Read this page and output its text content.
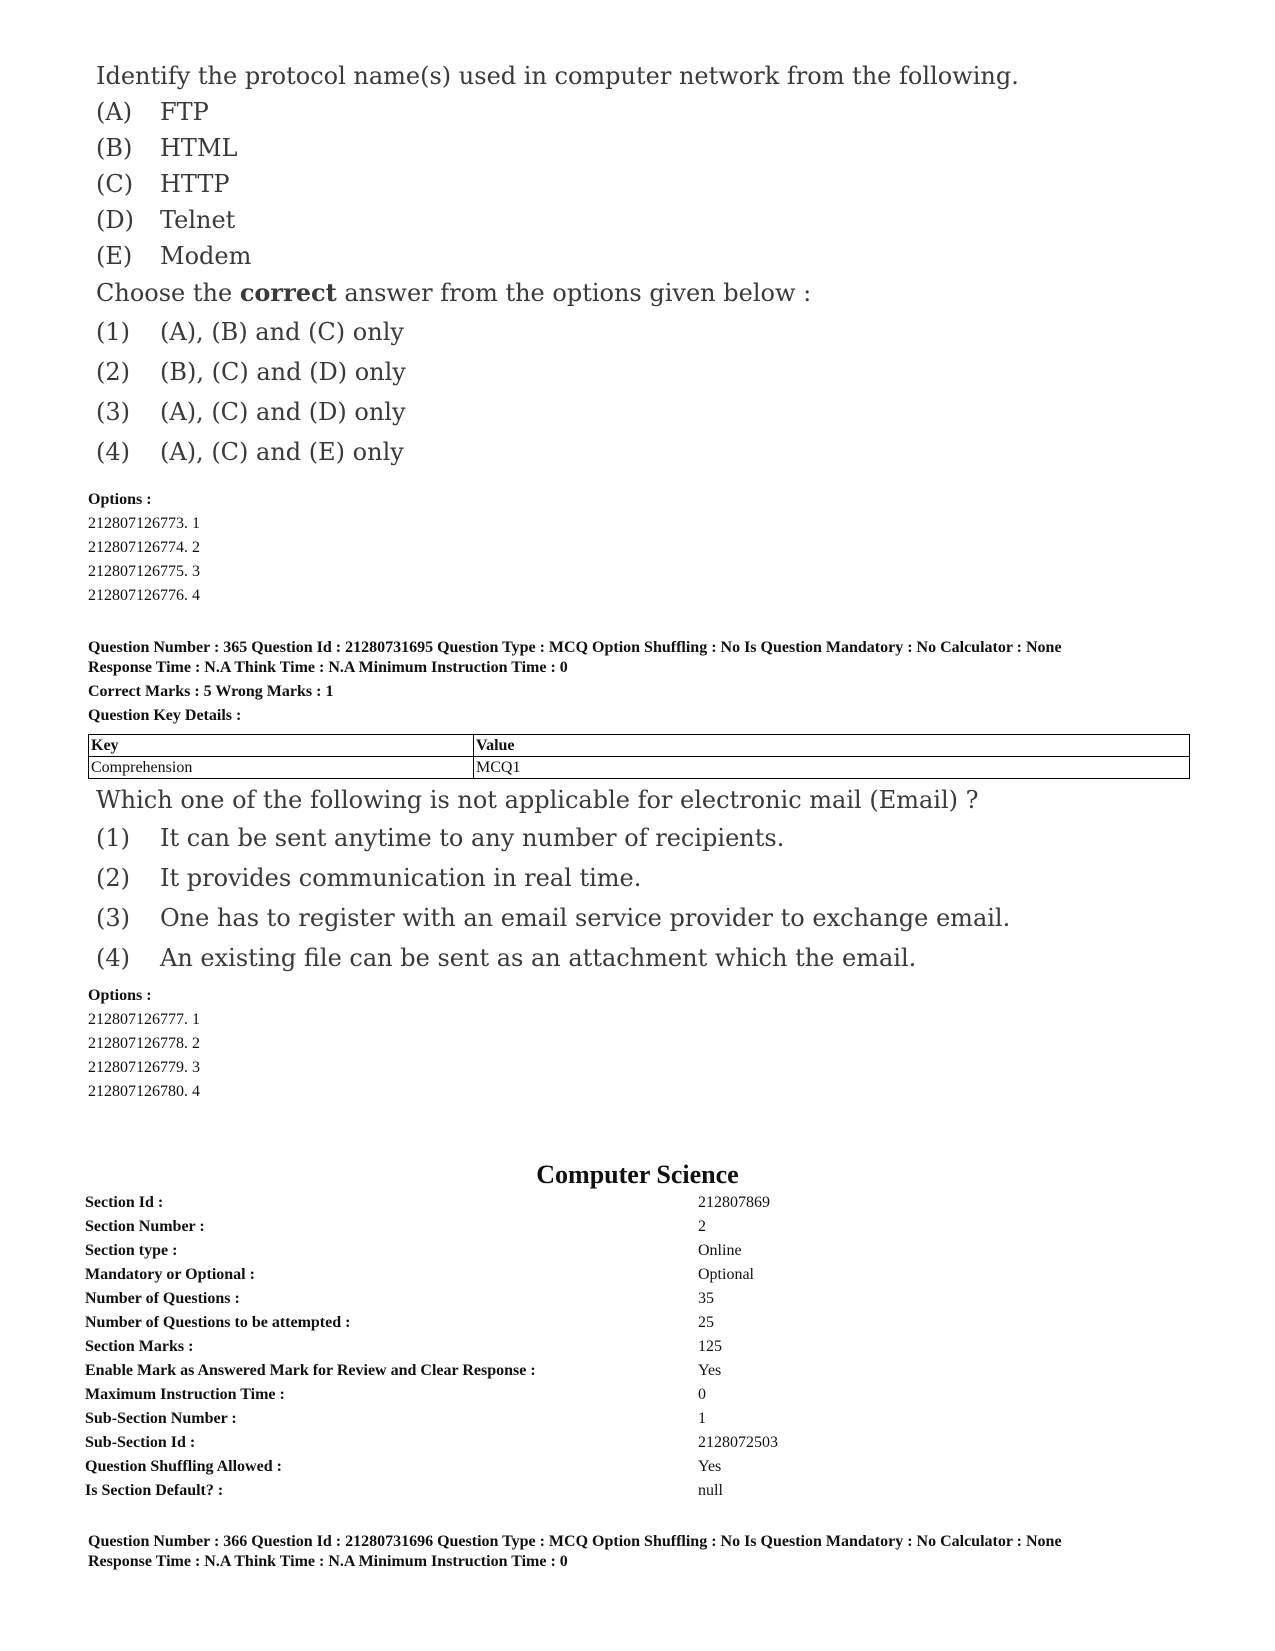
Identify the protocol name(s) used in computer network from the following.
(A) FTP
(B) HTML
(C) HTTP
(D) Telnet
(E) Modem
Choose the correct answer from the options given below :
(1) (A), (B) and (C) only
(2) (B), (C) and (D) only
(3) (A), (C) and (D) only
(4) (A), (C) and (E) only
Options :
212807126773. 1
212807126774. 2
212807126775. 3
212807126776. 4
Question Number : 365 Question Id : 21280731695 Question Type : MCQ Option Shuffling : No Is Question Mandatory : No Calculator : None
Response Time : N.A Think Time : N.A Minimum Instruction Time : 0
Correct Marks : 5 Wrong Marks : 1
Question Key Details :
Key	Value
Comprehension	MCQ1
Which one of the following is not applicable for electronic mail (Email) ?
(1) It can be sent anytime to any number of recipients.
(2) It provides communication in real time.
(3) One has to register with an email service provider to exchange email.
(4) An existing file can be sent as an attachment which the email.
Options :
212807126777. 1
212807126778. 2
212807126779. 3
212807126780. 4
Computer Science
Section Id :	212807869
Section Number :	2
Section type :	Online
Mandatory or Optional :	Optional
Number of Questions :	35
Number of Questions to be attempted :	25
Section Marks :	125
Enable Mark as Answered Mark for Review and Clear Response :	Yes
Maximum Instruction Time :	0
Sub-Section Number :	1
Sub-Section Id :	2128072503
Question Shuffling Allowed :	Yes
Is Section Default? :	null
Question Number : 366 Question Id : 21280731696 Question Type : MCQ Option Shuffling : No Is Question Mandatory : No Calculator : None
Response Time : N.A Think Time : N.A Minimum Instruction Time : 0
